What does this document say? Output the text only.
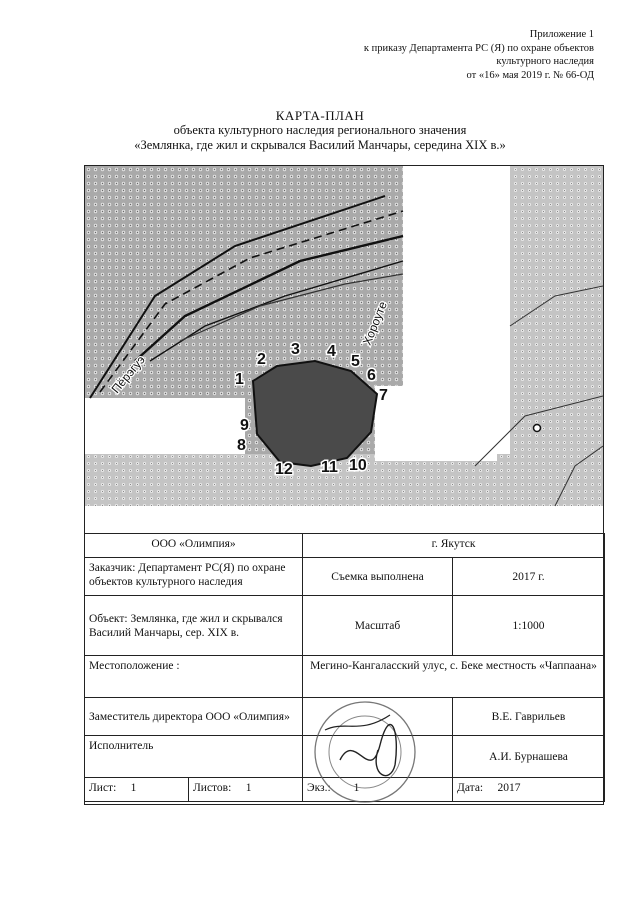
Приложение 1
к приказу Департамента РС (Я) по охране объектов
культурного наследия
от «16» мая 2019 г. № 66-ОД
КАРТА-ПЛАН
объекта культурного наследия регионального значения
«Землянка, где жил и скрывался Василий Манчары, середина XIX в.»
Пёрэгуэ
Хороуте
1
2
3 4
5
6
7
8
9
10
11
12
ООО «Олимпия»		г. Якутск	
Заказчик: Департамент РС(Я) по охране объектов культурного наследия		Съемка выполнена	2017 г.
Объект: Землянка, где жил и скрывался Василий Манчары, сер. XIX в.		Масштаб	1:1000
Местоположение :		Мегино-Кангаласский улус, с. Беке местность «Чаппаана»	
Заместитель директора ООО «Олимпия»			В.Е. Гаврильев
Исполнитель			А.И. Бурнашева
Лист: 1	Листов: 1	Экз.: 1	Дата: 2017
